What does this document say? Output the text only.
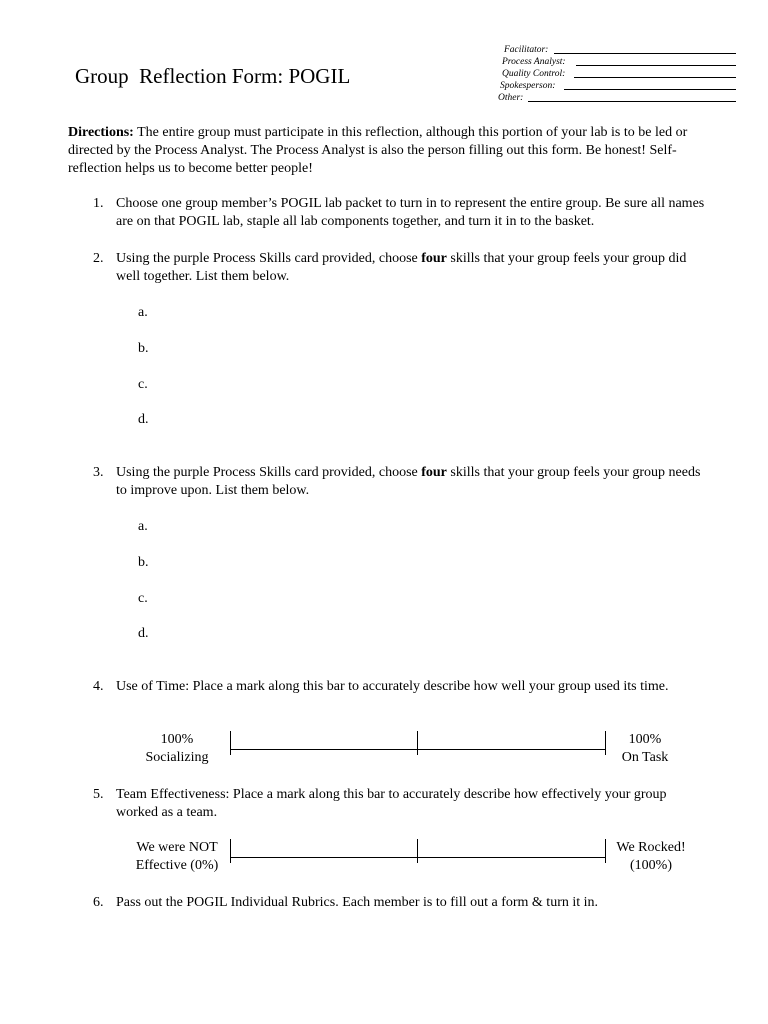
Group  Reflection Form: POGIL
Facilitator:
Process Analyst:
Quality Control:
Spokesperson:
Other:
Directions: The entire group must participate in this reflection, although this portion of your lab is to be led or directed by the Process Analyst. The Process Analyst is also the person filling out this form. Be honest! Self-reflection helps us to become better people!
1. Choose one group member’s POGIL lab packet to turn in to represent the entire group. Be sure all names are on that POGIL lab, staple all lab components together, and turn it in to the basket.
2. Using the purple Process Skills card provided, choose four skills that your group feels your group did well together. List them below.
a.
b.
c.
d.
3. Using the purple Process Skills card provided, choose four skills that your group feels your group needs to improve upon. List them below.
a.
b.
c.
d.
4. Use of Time: Place a mark along this bar to accurately describe how well your group used its time.
100%
Socializing
100%
On Task
5. Team Effectiveness: Place a mark along this bar to accurately describe how effectively your group worked as a team.
We were NOT
Effective (0%)
We Rocked!
(100%)
6. Pass out the POGIL Individual Rubrics. Each member is to fill out a form & turn it in.
